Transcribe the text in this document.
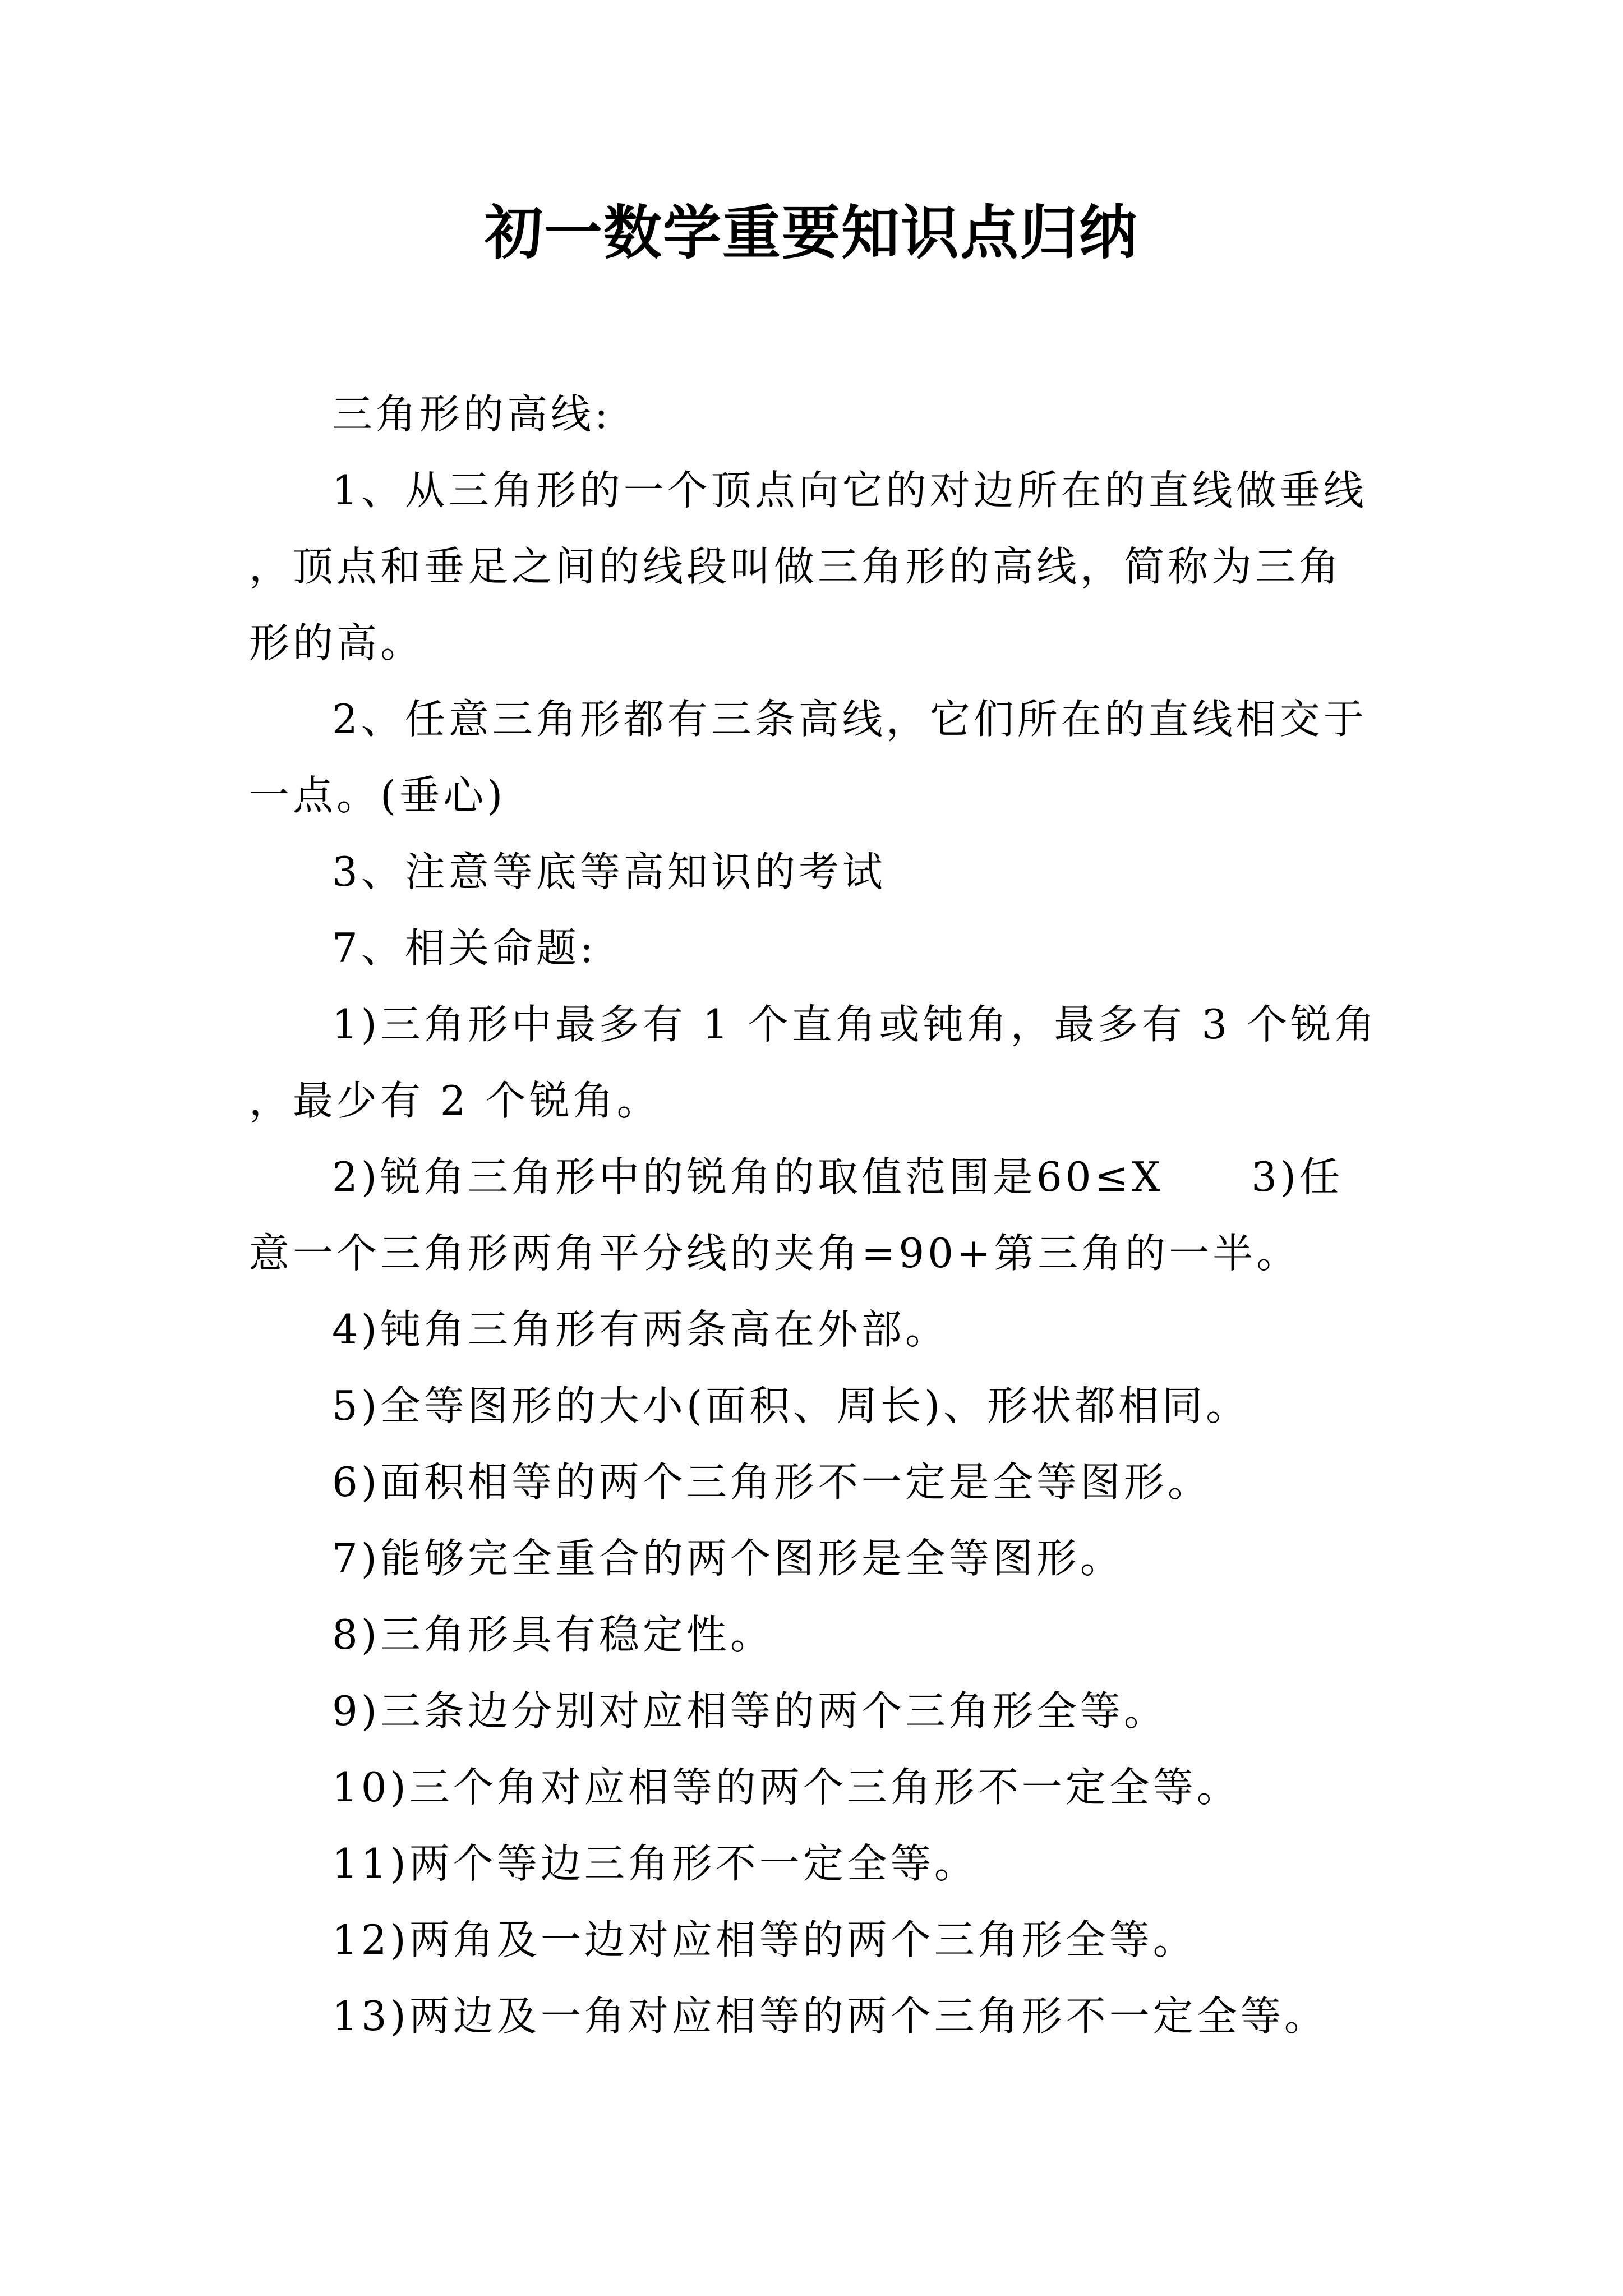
初一数学重要知识点归纳

三角形的高线:

1、从三角形的一个顶点向它的对边所在的直线做垂线，顶点和垂足之间的线段叫做三角形的高线，简称为三角形的高。

2、任意三角形都有三条高线，它们所在的直线相交于一点。(垂心)

3、注意等底等高知识的考试

7、相关命题:

1)三角形中最多有 1 个直角或钝角，最多有 3 个锐角，最少有 2 个锐角。

2)锐角三角形中的锐角的取值范围是60≤X　　3)任意一个三角形两角平分线的夹角=90+第三角的一半。

4)钝角三角形有两条高在外部。

5)全等图形的大小(面积、周长)、形状都相同。

6)面积相等的两个三角形不一定是全等图形。

7)能够完全重合的两个图形是全等图形。

8)三角形具有稳定性。

9)三条边分别对应相等的两个三角形全等。

10)三个角对应相等的两个三角形不一定全等。

11)两个等边三角形不一定全等。

12)两角及一边对应相等的两个三角形全等。

13)两边及一角对应相等的两个三角形不一定全等。
